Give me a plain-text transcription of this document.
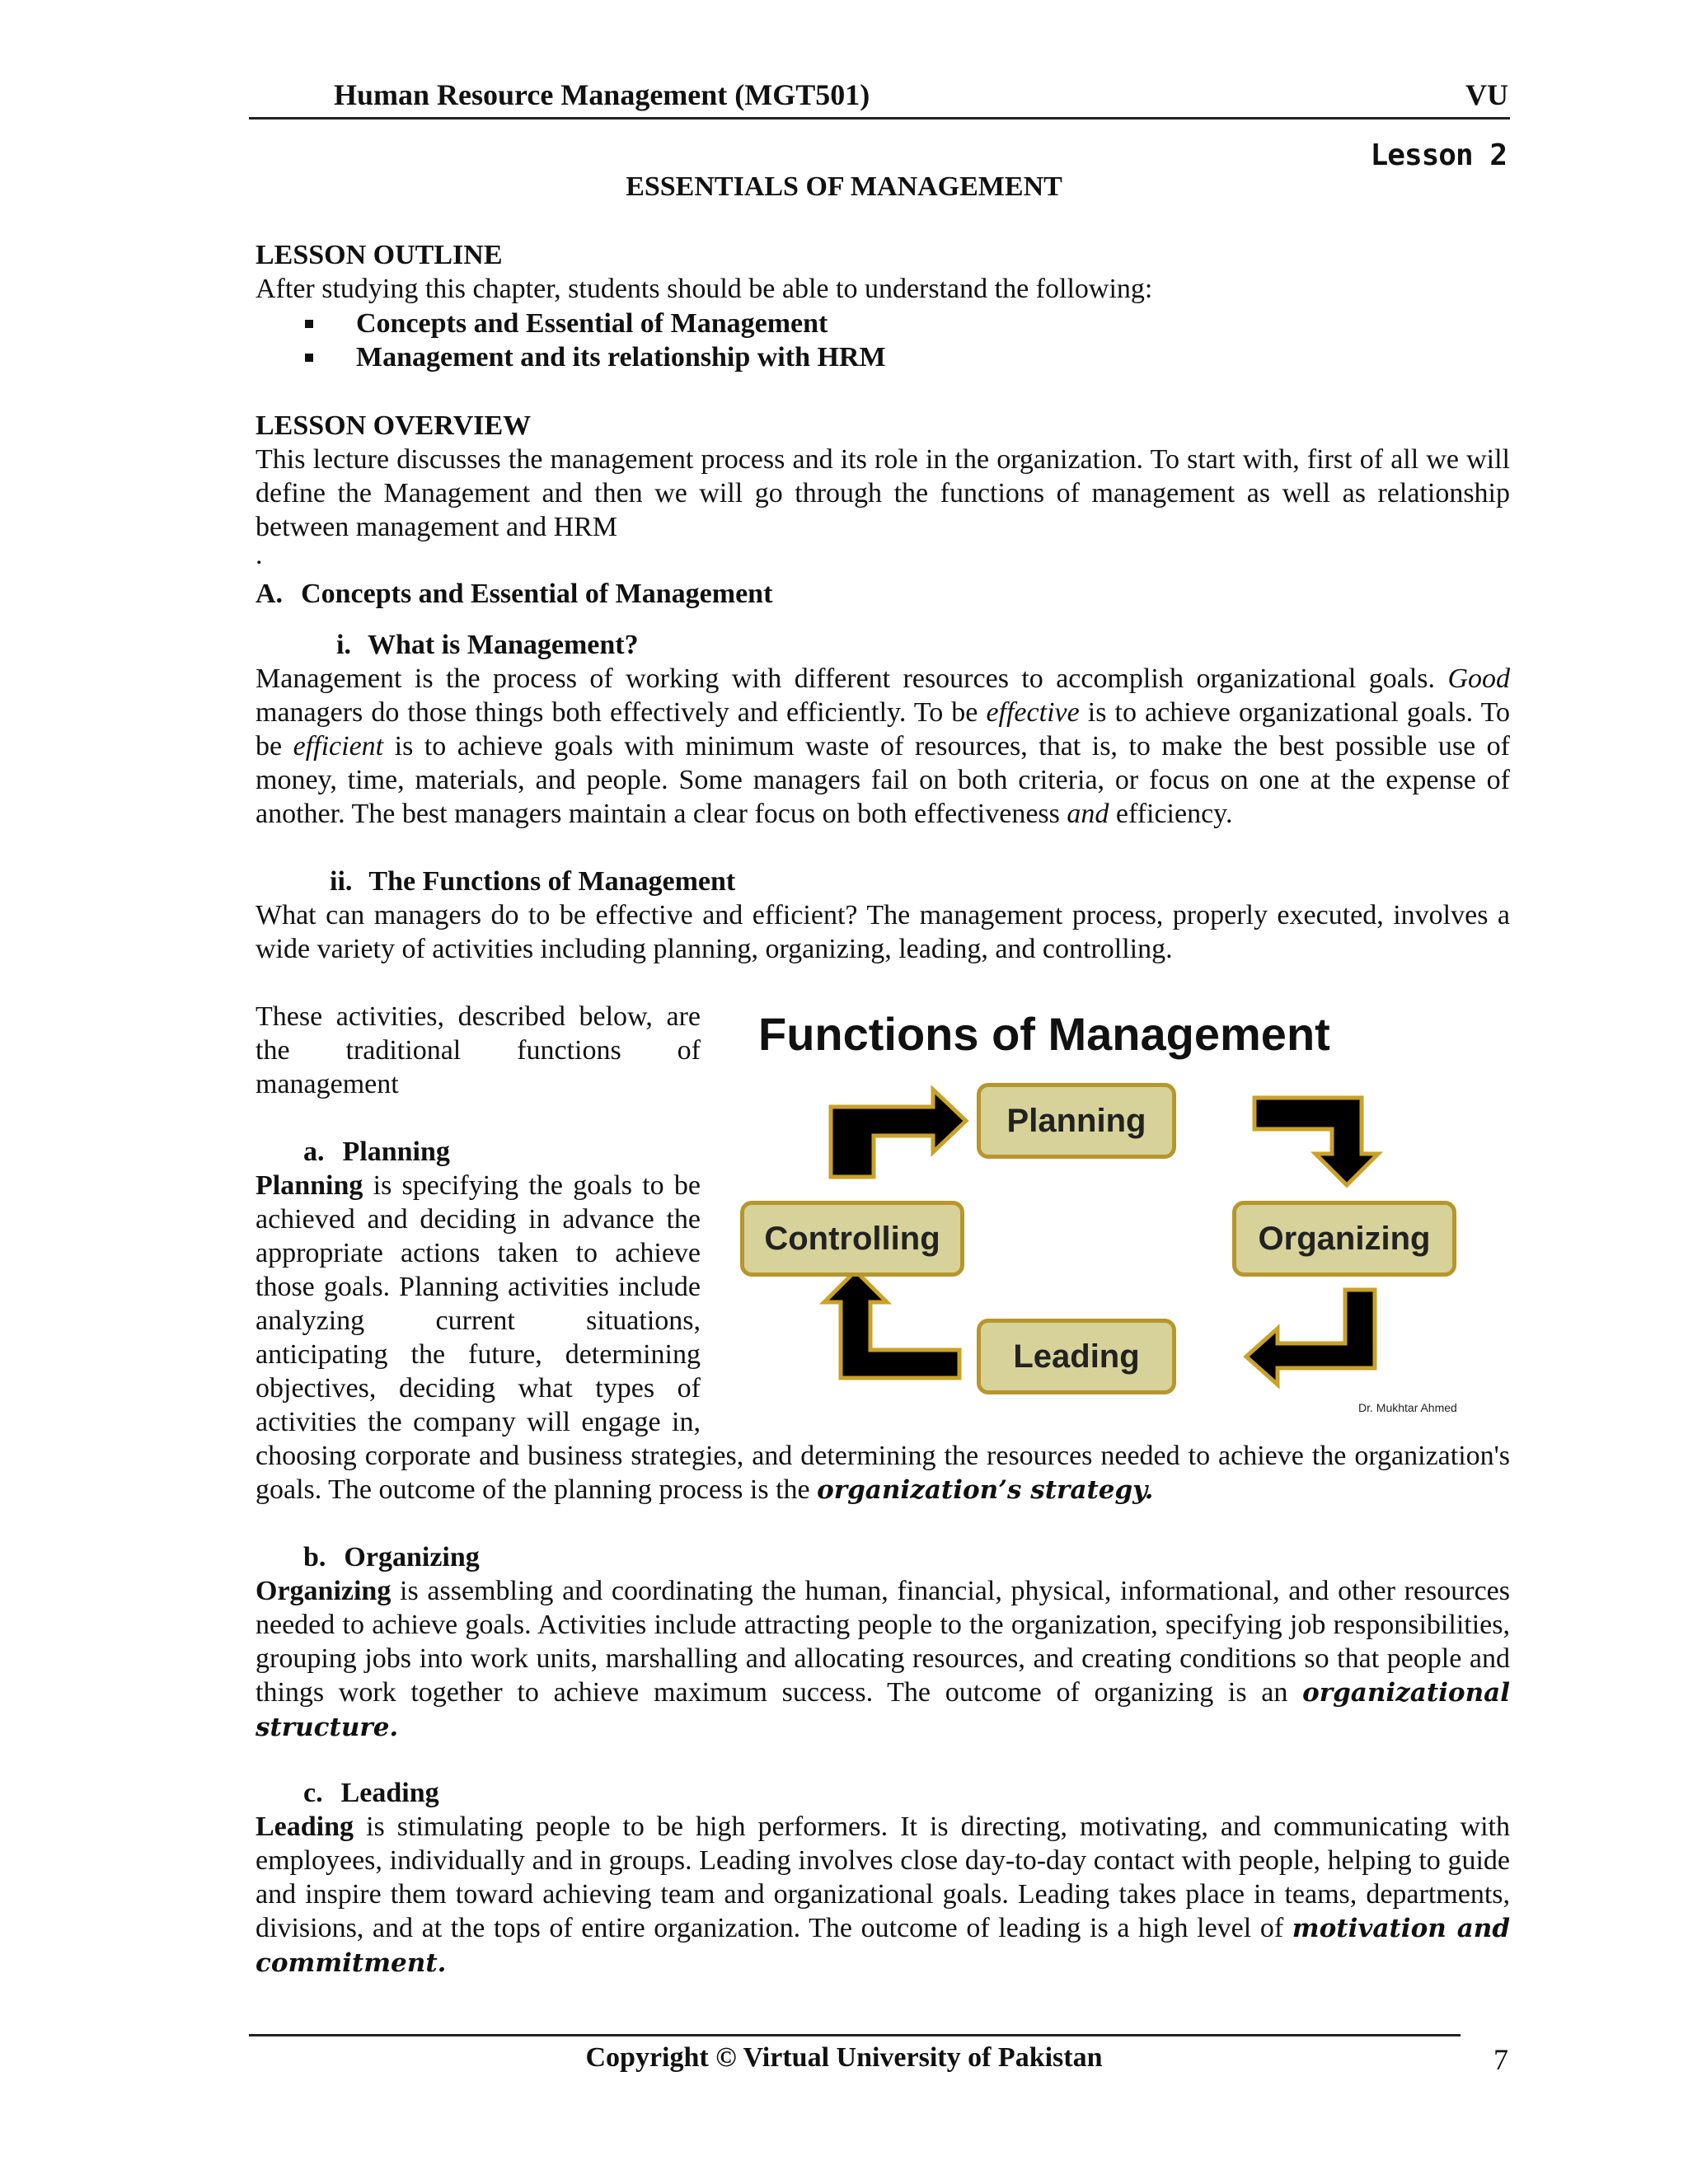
Human Resource Management (MGT501)	VU
Lesson 2
ESSENTIALS OF MANAGEMENT
LESSON OUTLINE
After studying this chapter, students should be able to understand the following:
Concepts and Essential of Management
Management and its relationship with HRM
LESSON OVERVIEW
This lecture discusses the management process and its role in the organization. To start with, first of all we will define the Management and then we will go through the functions of management as well as relationship between management and HRM
.
A. Concepts and Essential of Management
i. What is Management?
Management is the process of working with different resources to accomplish organizational goals. Good managers do those things both effectively and efficiently. To be effective is to achieve organizational goals. To be efficient is to achieve goals with minimum waste of resources, that is, to make the best possible use of money, time, materials, and people. Some managers fail on both criteria, or focus on one at the expense of another. The best managers maintain a clear focus on both effectiveness and efficiency.
ii. The Functions of Management
What can managers do to be effective and efficient? The management process, properly executed, involves a wide variety of activities including planning, organizing, leading, and controlling.
These activities, described below, are
the traditional functions of
management
a. Planning
Planning is specifying the goals to be
achieved and deciding in advance the
appropriate actions taken to achieve
those goals. Planning activities include
analyzing current situations,
anticipating the future, determining
objectives, deciding what types of
activities the company will engage in,
Functions of Management
Planning
Organizing
Leading
Controlling
Dr. Mukhtar Ahmed
choosing corporate and business strategies, and determining the resources needed to achieve the organization's goals. The outcome of the planning process is the organization’s strategy.
b. Organizing
Organizing is assembling and coordinating the human, financial, physical, informational, and other resources needed to achieve goals. Activities include attracting people to the organization, specifying job responsibilities, grouping jobs into work units, marshalling and allocating resources, and creating conditions so that people and things work together to achieve maximum success. The outcome of organizing is an organizational structure.
c. Leading
Leading is stimulating people to be high performers. It is directing, motivating, and communicating with employees, individually and in groups. Leading involves close day-to-day contact with people, helping to guide and inspire them toward achieving team and organizational goals. Leading takes place in teams, departments, divisions, and at the tops of entire organization. The outcome of leading is a high level of motivation and commitment.
Copyright © Virtual University of Pakistan	7
